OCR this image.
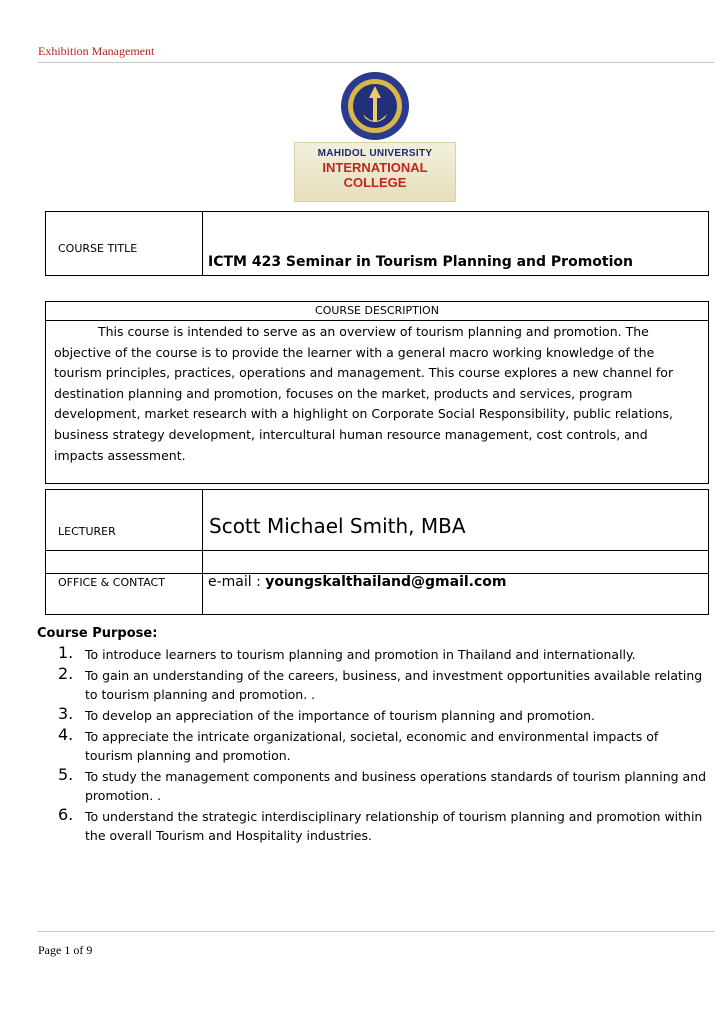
Exhibition Management
MAHIDOL UNIVERSITY
INTERNATIONAL
COLLEGE
COURSE TITLE	ICTM 423 Seminar in Tourism Planning and Promotion
COURSE DESCRIPTION
This course is intended to serve as an overview of tourism planning and promotion. The objective of the course is to provide the learner with a general macro working knowledge of the tourism principles, practices, operations and management. This course explores a new channel for destination planning and promotion, focuses on the market, products and services, program development, market research with a highlight on Corporate Social Responsibility, public relations, business strategy development, intercultural human resource management, cost controls, and impacts assessment.
LECTURER	Scott Michael Smith, MBA
OFFICE & CONTACT	e-mail : youngskalthailand@gmail.com
Course Purpose:
1. To introduce learners to tourism planning and promotion in Thailand and internationally.
2. To gain an understanding of the careers, business, and investment opportunities available relating to tourism planning and promotion. .
3. To develop an appreciation of the importance of tourism planning and promotion.
4. To appreciate the intricate organizational, societal, economic and environmental impacts of tourism planning and promotion.
5. To study the management components and business operations standards of tourism planning and promotion. .
6. To understand the strategic interdisciplinary relationship of tourism planning and promotion within the overall Tourism and Hospitality industries.
Page 1 of 9
